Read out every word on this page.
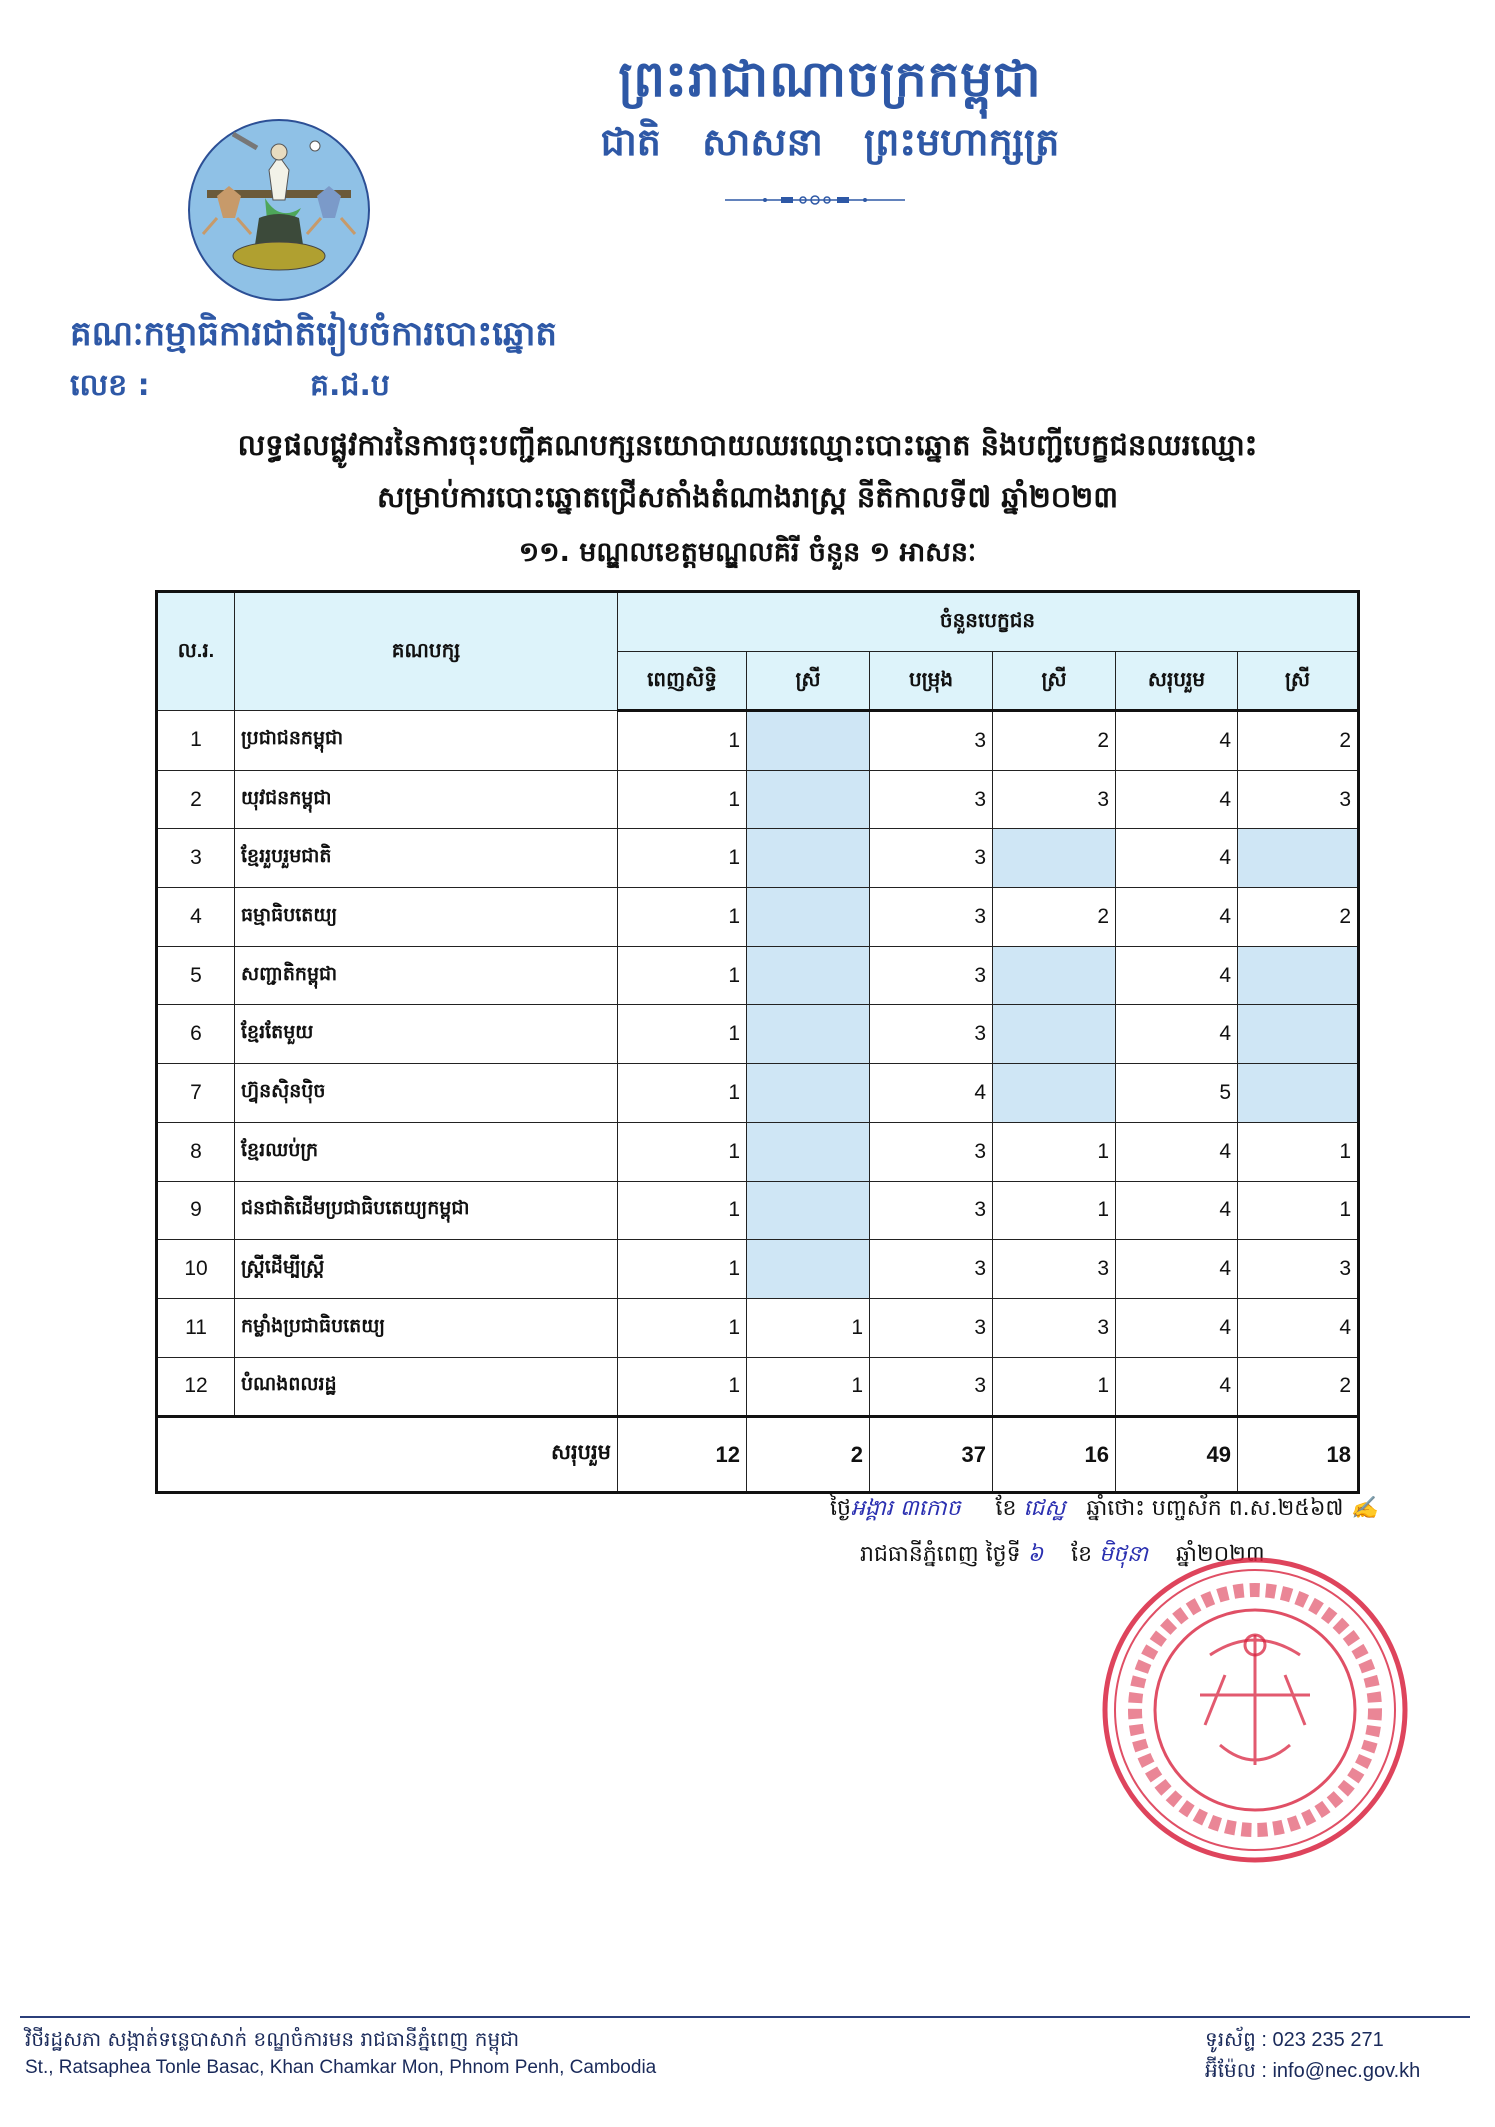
ព្រះរាជាណាចក្រកម្ពុជា
ជាតិ សាសនា ព្រះមហាក្សត្រ
គណៈកម្មាធិការជាតិរៀបចំការបោះឆ្នោត
លេខ :	គ.ជ.ប
លទ្ធផលផ្លូវការនៃការចុះបញ្ជីគណបក្សនយោបាយឈរឈ្មោះបោះឆ្នោត និងបញ្ជីបេក្ខជនឈរឈ្មោះ
សម្រាប់ការបោះឆ្នោតជ្រើសតាំងតំណាងរាស្ត្រ នីតិកាលទី៧ ឆ្នាំ២០២៣
១១. មណ្ឌលខេត្តមណ្ឌលគិរី ចំនួន ១ អាសនៈ
ល.រ.	គណបក្ស	ចំនួនបេក្ខជន					
		ពេញសិទ្ធិ	ស្រី	បម្រុង	ស្រី	សរុបរួម	ស្រី
1	ប្រជាជនកម្ពុជា	1		3	2	4	2
2	យុវជនកម្ពុជា	1		3	3	4	3
3	ខ្មែររួបរួមជាតិ	1		3		4	
4	ធម្មាធិបតេយ្យ	1		3	2	4	2
5	សញ្ជាតិកម្ពុជា	1		3		4	
6	ខ្មែរតែមួយ	1		3		4	
7	ហ្វ៊ុនស៊ិនប៉ិច	1		4		5	
8	ខ្មែរឈប់ក្រ	1		3	1	4	1
9	ជនជាតិដើមប្រជាធិបតេយ្យកម្ពុជា	1		3	1	4	1
10	ស្ត្រីដើម្បីស្ត្រី	1		3	3	4	3
11	កម្លាំងប្រជាធិបតេយ្យ	1	1	3	3	4	4
12	បំណងពលរដ្ឋ	1	1	3	1	4	2
សរុបរួម		12	2	37	16	49	18
ថ្ងៃអង្គារ ៣កោច ខែ ជេស្ឋ ឆ្នាំថោះ បញ្ចស័ក ព.ស.២៥៦៧ ✍
រាជធានីភ្នំពេញ ថ្ងៃទី ៦ ខែ មិថុនា ឆ្នាំ២០២៣
វិថីរដ្ឋសភា សង្កាត់ទន្លេបាសាក់ ខណ្ឌចំការមន រាជធានីភ្នំពេញ កម្ពុជា
St., Ratsaphea Tonle Basac, Khan Chamkar Mon, Phnom Penh, Cambodia
ទូរស័ព្ទ : 023 235 271
អ៊ីម៉ែល : info@nec.gov.kh
